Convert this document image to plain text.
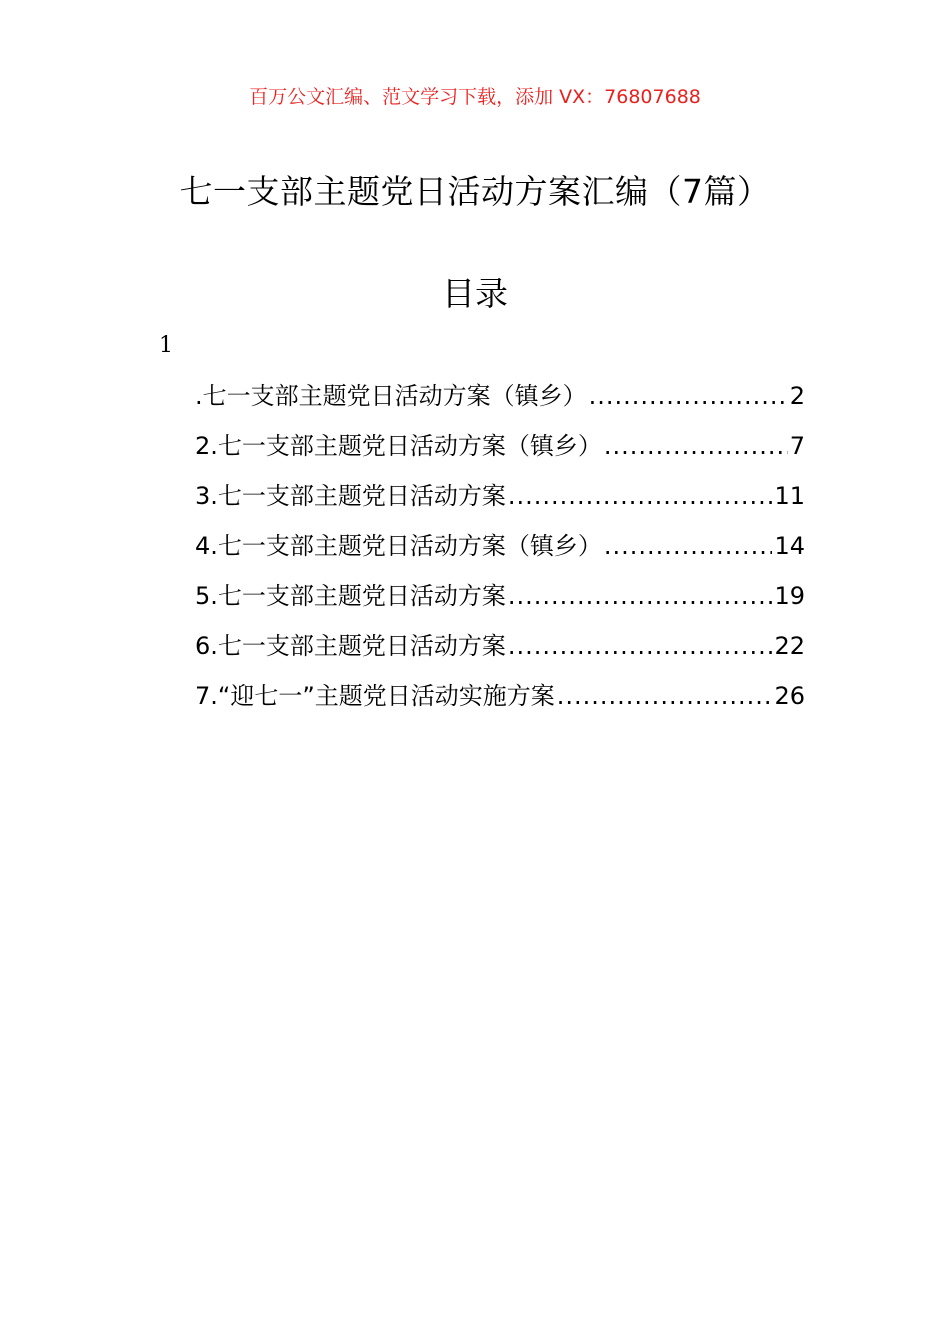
百万公文汇编、范文学习下载，添加 VX：76807688
七一支部主题党日活动方案汇编（7篇）
目录
1
.七一支部主题党日活动方案（镇乡） .....	2
2.七一支部主题党日活动方案（镇乡） .....	7
3.七一支部主题党日活动方案 .....	11
4.七一支部主题党日活动方案（镇乡） .....	14
5.七一支部主题党日活动方案 .....	19
6.七一支部主题党日活动方案 .....	22
7.“迎七一”主题党日活动实施方案 .....	26
